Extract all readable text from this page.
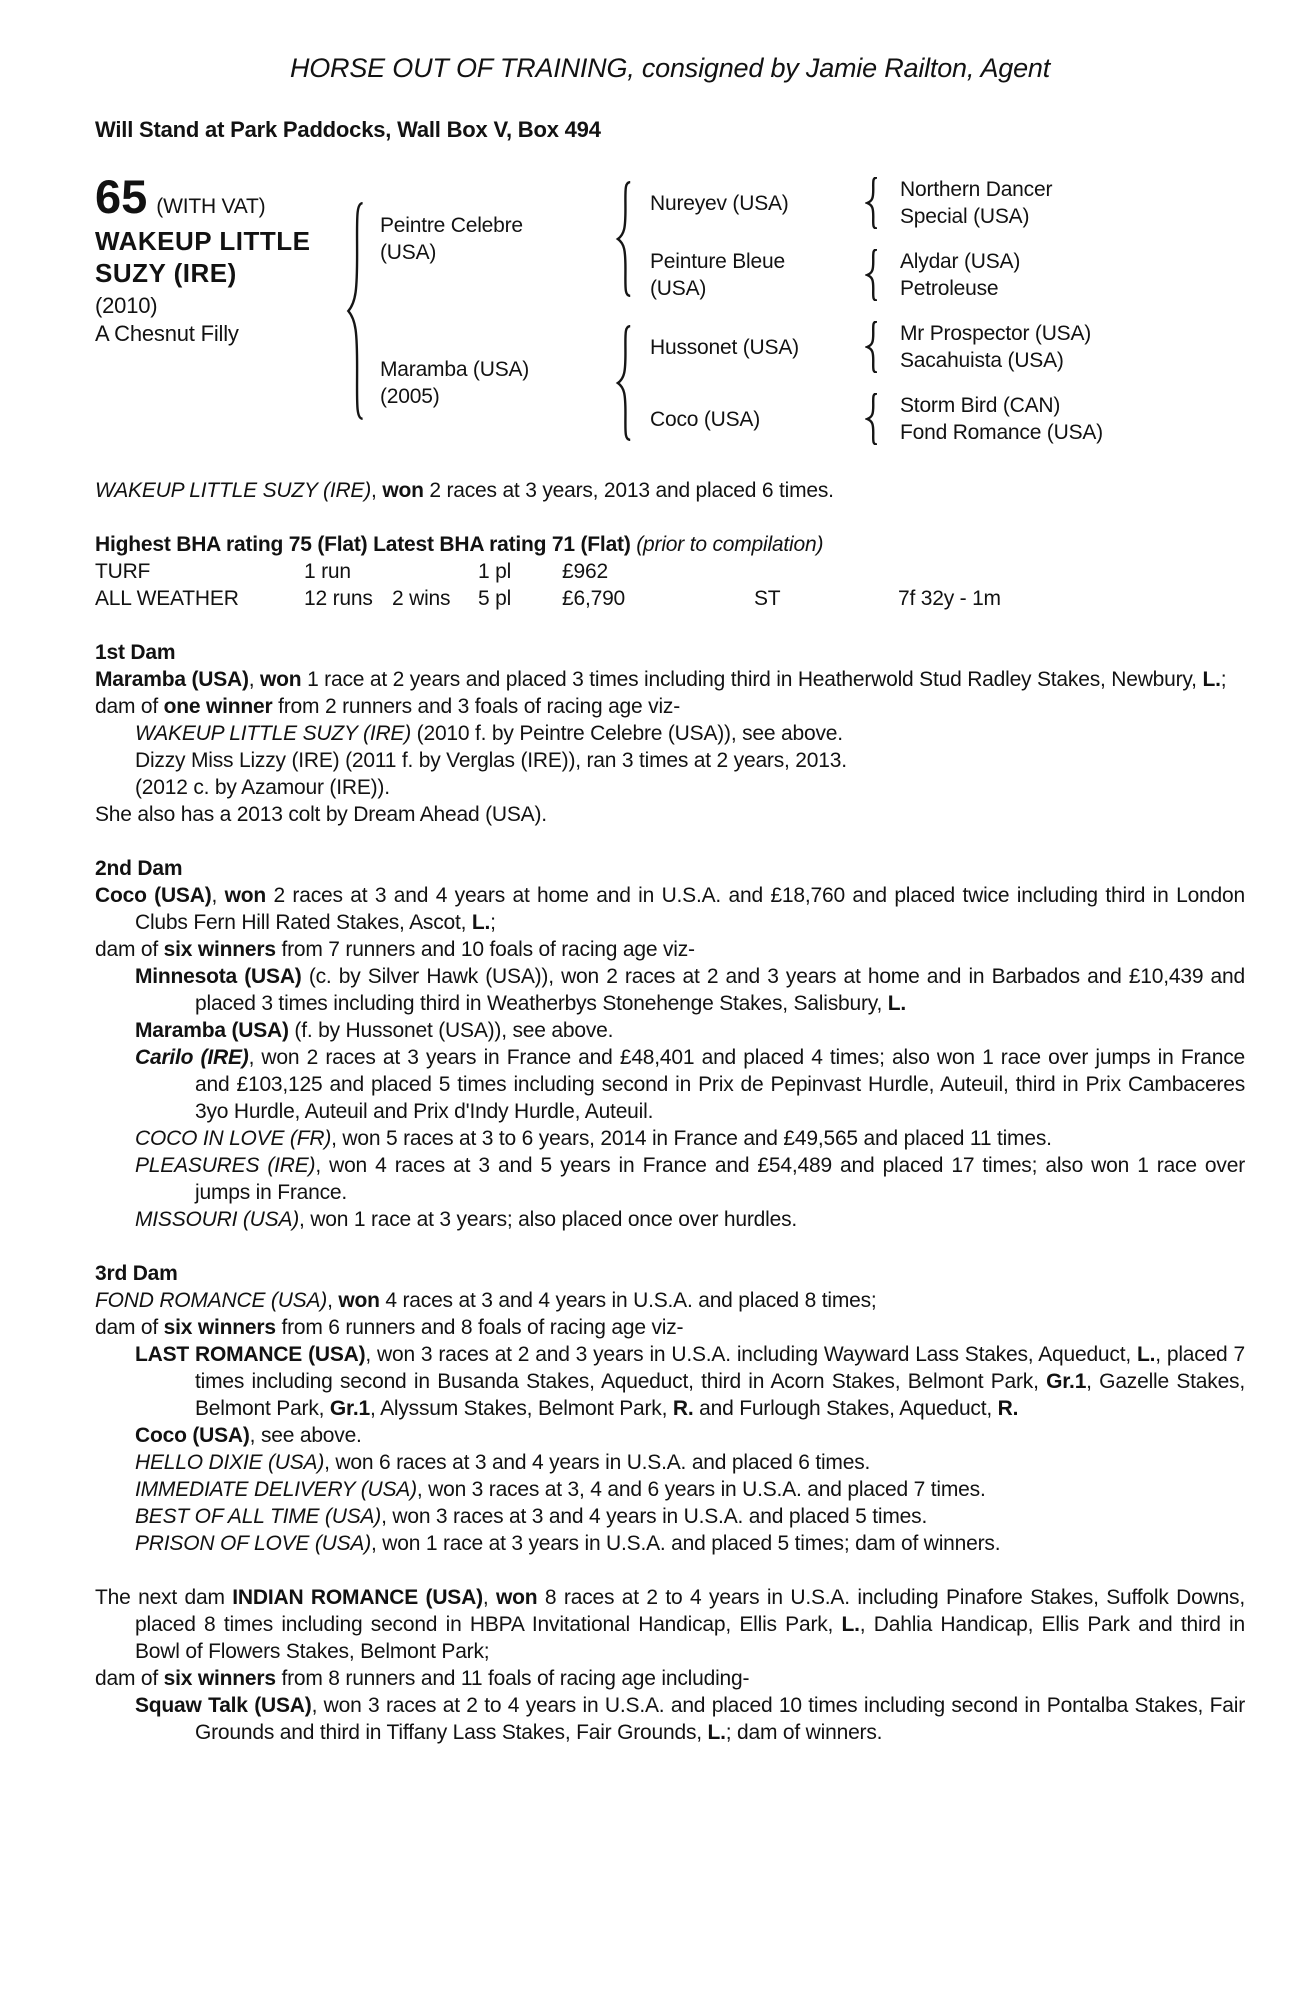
HORSE OUT OF TRAINING, consigned by Jamie Railton, Agent
Will Stand at Park Paddocks, Wall Box V, Box 494
65 (WITH VAT)
WAKEUP LITTLE SUZY (IRE)
(2010)
A Chesnut Filly
Peintre Celebre (USA)
Maramba (USA) (2005)
Nureyev (USA)
Peinture Bleue (USA)
Hussonet (USA)
Coco (USA)
Northern Dancer
Special (USA)
Alydar (USA)
Petroleuse
Mr Prospector (USA)
Sacahuista (USA)
Storm Bird (CAN)
Fond Romance (USA)

WAKEUP LITTLE SUZY (IRE), won 2 races at 3 years, 2013 and placed 6 times.

Highest BHA rating 75 (Flat) Latest BHA rating 71 (Flat) (prior to compilation)

TURF	1 run	1 pl	£962
ALL WEATHER	12 runs 2 wins	5 pl	£6,790	ST	7f 32y - 1m
1st Dam

Maramba (USA), won 1 race at 2 years and placed 3 times including third in Heatherwold Stud Radley Stakes, Newbury, L.;

dam of one winner from 2 runners and 3 foals of racing age viz-

WAKEUP LITTLE SUZY (IRE) (2010 f. by Peintre Celebre (USA)), see above.

Dizzy Miss Lizzy (IRE) (2011 f. by Verglas (IRE)), ran 3 times at 2 years, 2013.

(2012 c. by Azamour (IRE)).

She also has a 2013 colt by Dream Ahead (USA).

2nd Dam

Coco (USA), won 2 races at 3 and 4 years at home and in U.S.A. and £18,760 and placed twice including third in London Clubs Fern Hill Rated Stakes, Ascot, L.;

dam of six winners from 7 runners and 10 foals of racing age viz-

Minnesota (USA) (c. by Silver Hawk (USA)), won 2 races at 2 and 3 years at home and in Barbados and £10,439 and placed 3 times including third in Weatherbys Stonehenge Stakes, Salisbury, L.

Maramba (USA) (f. by Hussonet (USA)), see above.

Carilo (IRE), won 2 races at 3 years in France and £48,401 and placed 4 times; also won 1 race over jumps in France and £103,125 and placed 5 times including second in Prix de Pepinvast Hurdle, Auteuil, third in Prix Cambaceres 3yo Hurdle, Auteuil and Prix d'Indy Hurdle, Auteuil.

COCO IN LOVE (FR), won 5 races at 3 to 6 years, 2014 in France and £49,565 and placed 11 times.

PLEASURES (IRE), won 4 races at 3 and 5 years in France and £54,489 and placed 17 times; also won 1 race over jumps in France.

MISSOURI (USA), won 1 race at 3 years; also placed once over hurdles.

3rd Dam

FOND ROMANCE (USA), won 4 races at 3 and 4 years in U.S.A. and placed 8 times;

dam of six winners from 6 runners and 8 foals of racing age viz-

LAST ROMANCE (USA), won 3 races at 2 and 3 years in U.S.A. including Wayward Lass Stakes, Aqueduct, L., placed 7 times including second in Busanda Stakes, Aqueduct, third in Acorn Stakes, Belmont Park, Gr.1, Gazelle Stakes, Belmont Park, Gr.1, Alyssum Stakes, Belmont Park, R. and Furlough Stakes, Aqueduct, R.

Coco (USA), see above.

HELLO DIXIE (USA), won 6 races at 3 and 4 years in U.S.A. and placed 6 times.

IMMEDIATE DELIVERY (USA), won 3 races at 3, 4 and 6 years in U.S.A. and placed 7 times.

BEST OF ALL TIME (USA), won 3 races at 3 and 4 years in U.S.A. and placed 5 times.

PRISON OF LOVE (USA), won 1 race at 3 years in U.S.A. and placed 5 times; dam of winners.

The next dam INDIAN ROMANCE (USA), won 8 races at 2 to 4 years in U.S.A. including Pinafore Stakes, Suffolk Downs, placed 8 times including second in HBPA Invitational Handicap, Ellis Park, L., Dahlia Handicap, Ellis Park and third in Bowl of Flowers Stakes, Belmont Park;

dam of six winners from 8 runners and 11 foals of racing age including-

Squaw Talk (USA), won 3 races at 2 to 4 years in U.S.A. and placed 10 times including second in Pontalba Stakes, Fair Grounds and third in Tiffany Lass Stakes, Fair Grounds, L.; dam of winners.
